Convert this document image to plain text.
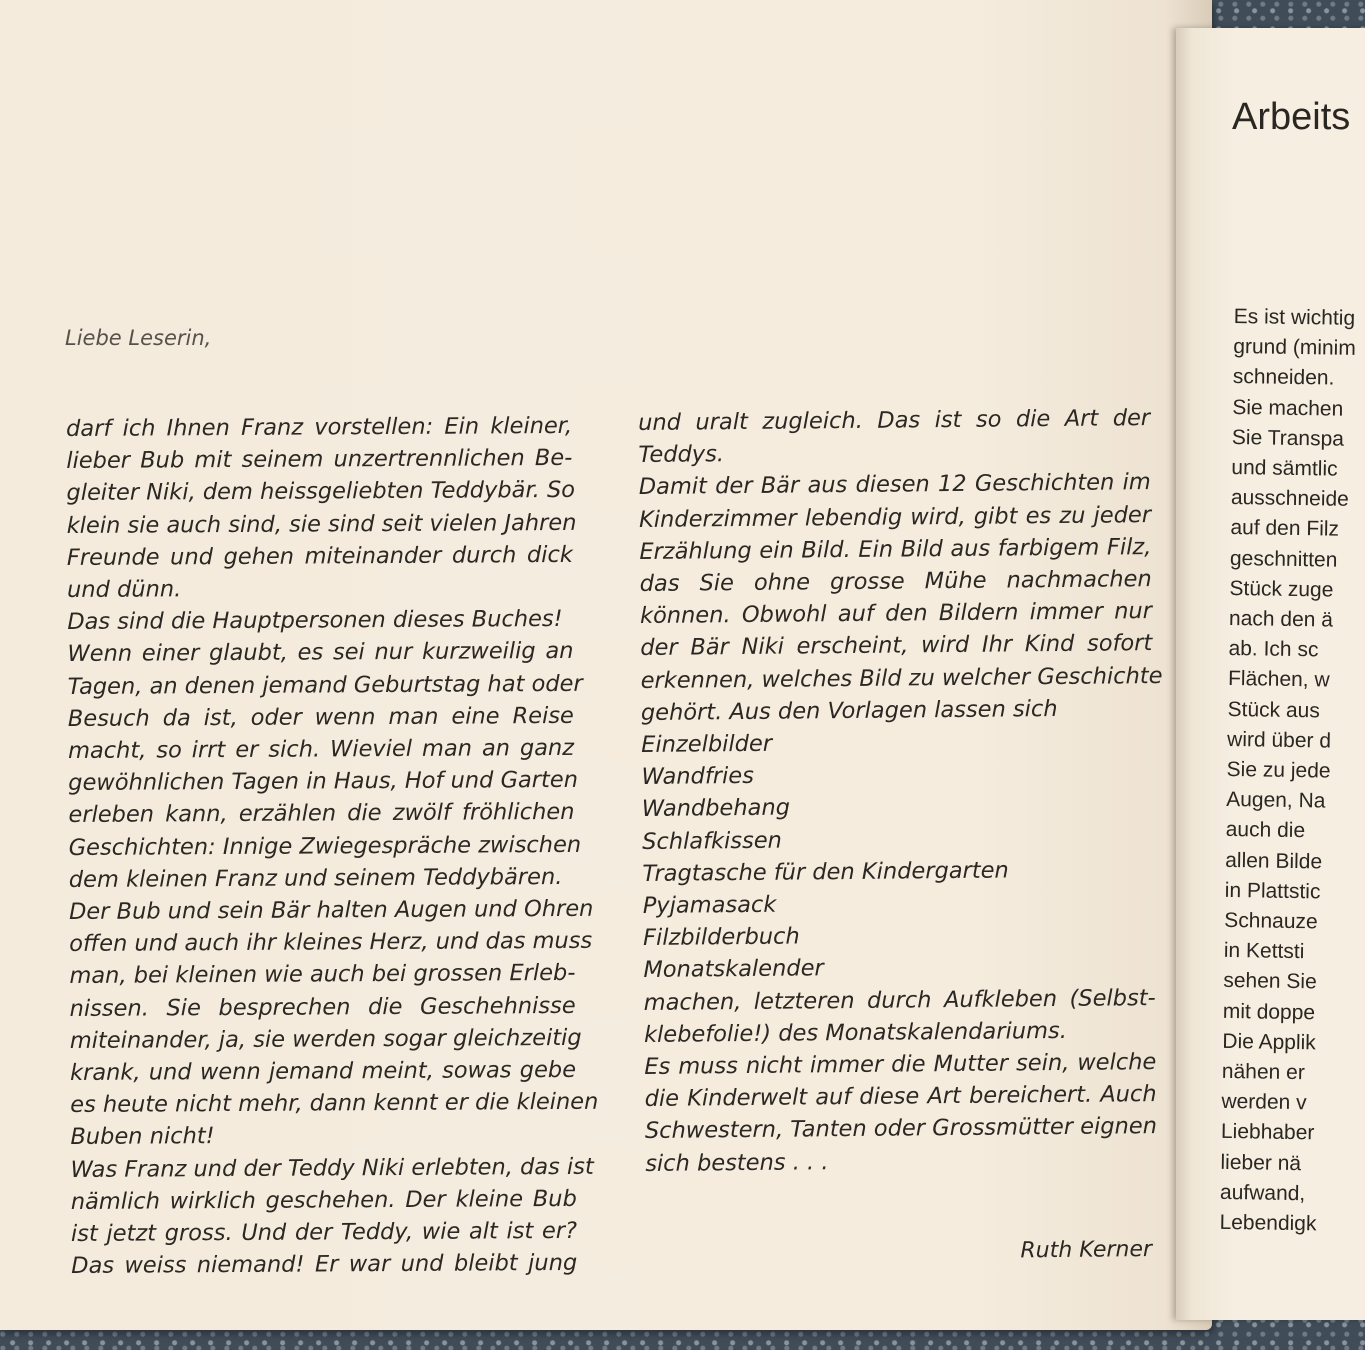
Liebe Leserin,
darf ich Ihnen Franz vorstellen: Ein kleiner,
lieber Bub mit seinem unzertrennlichen Be-
gleiter Niki, dem heissgeliebten Teddybär. So
klein sie auch sind, sie sind seit vielen Jahren
Freunde und gehen miteinander durch dick
und dünn.
Das sind die Hauptpersonen dieses Buches!
Wenn einer glaubt, es sei nur kurzweilig an
Tagen, an denen jemand Geburtstag hat oder
Besuch da ist, oder wenn man eine Reise
macht, so irrt er sich. Wieviel man an ganz
gewöhnlichen Tagen in Haus, Hof und Garten
erleben kann, erzählen die zwölf fröhlichen
Geschichten: Innige Zwiegespräche zwischen
dem kleinen Franz und seinem Teddybären.
Der Bub und sein Bär halten Augen und Ohren
offen und auch ihr kleines Herz, und das muss
man, bei kleinen wie auch bei grossen Erleb-
nissen. Sie besprechen die Geschehnisse
miteinander, ja, sie werden sogar gleichzeitig
krank, und wenn jemand meint, sowas gebe
es heute nicht mehr, dann kennt er die kleinen
Buben nicht!
Was Franz und der Teddy Niki erlebten, das ist
nämlich wirklich geschehen. Der kleine Bub
ist jetzt gross. Und der Teddy, wie alt ist er?
Das weiss niemand! Er war und bleibt jung
und uralt zugleich. Das ist so die Art der
Teddys.
Damit der Bär aus diesen 12 Geschichten im
Kinderzimmer lebendig wird, gibt es zu jeder
Erzählung ein Bild. Ein Bild aus farbigem Filz,
das Sie ohne grosse Mühe nachmachen
können. Obwohl auf den Bildern immer nur
der Bär Niki erscheint, wird Ihr Kind sofort
erkennen, welches Bild zu welcher Geschichte
gehört. Aus den Vorlagen lassen sich
Einzelbilder
Wandfries
Wandbehang
Schlafkissen
Tragtasche für den Kindergarten
Pyjamasack
Filzbilderbuch
Monatskalender
machen, letzteren durch Aufkleben (Selbst-
klebefolie!) des Monatskalendariums.
Es muss nicht immer die Mutter sein, welche
die Kinderwelt auf diese Art bereichert. Auch
Schwestern, Tanten oder Grossmütter eignen
sich bestens . . .
Ruth Kerner
Arbeits
Es ist wichtig
grund (minim
schneiden.
Sie machen
Sie Transpa
und sämtlic
ausschneide
auf den Filz
geschnitten
Stück zuge
nach den ä
ab. Ich sc
Flächen, w
Stück aus
wird über d
Sie zu jede
Augen, Na
auch die
allen Bilde
in Plattstic
Schnauze
in Kettsti
sehen Sie
mit doppe
Die Applik
nähen er
werden v
Liebhaber
lieber nä
aufwand,
Lebendigk
